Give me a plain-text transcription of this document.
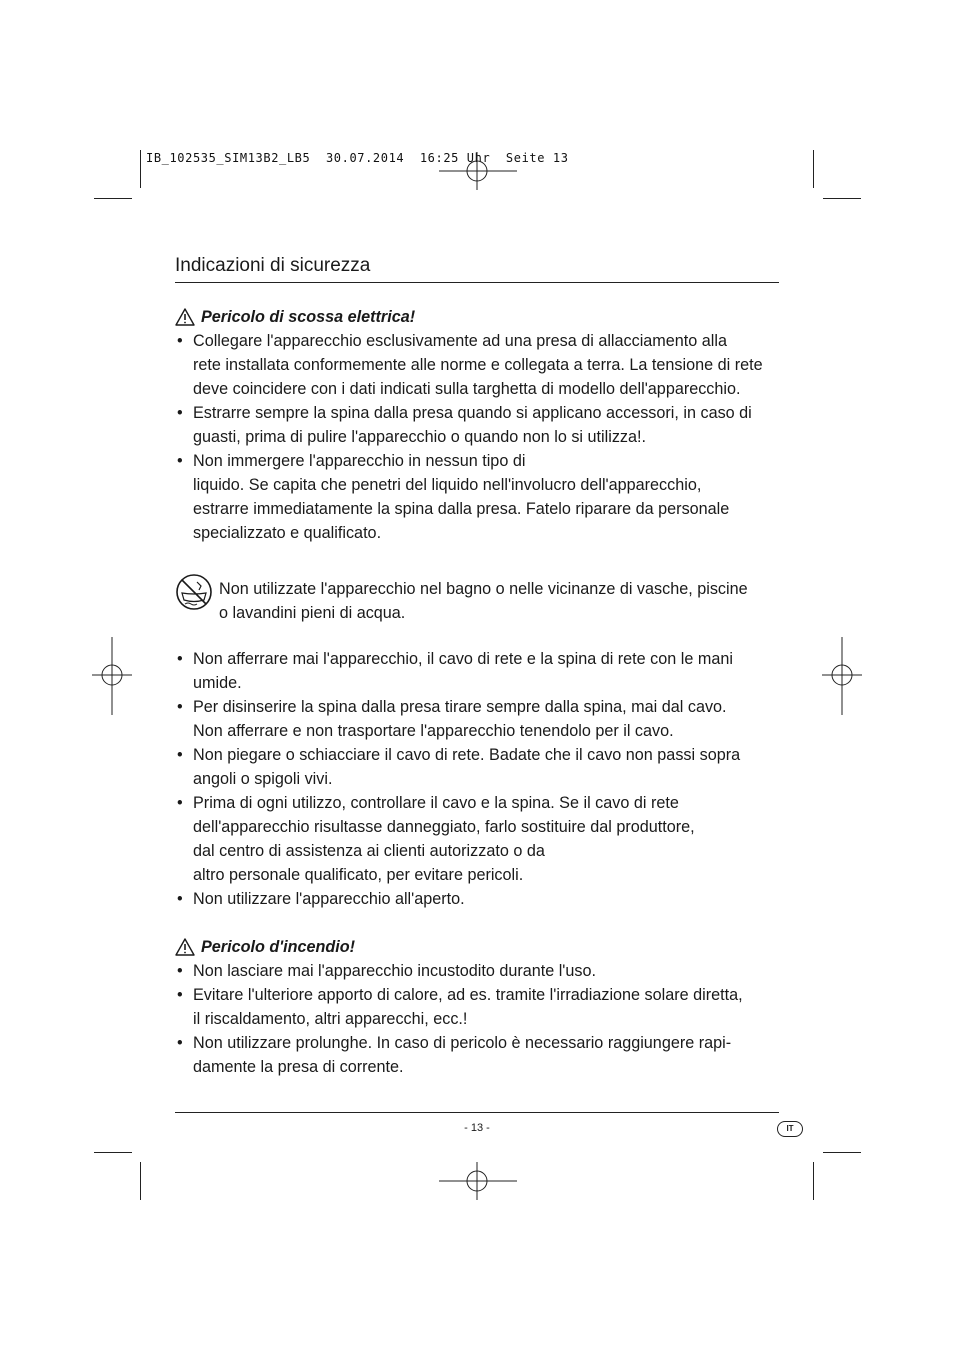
IB_102535_SIM13B2_LB5  30.07.2014  16:25 Uhr  Seite 13
Indicazioni di sicurezza
Pericolo di scossa elettrica!
• Collegare l'apparecchio esclusivamente ad una presa di allacciamento alla
rete installata conformemente alle norme e collegata a terra. La tensione di rete
deve coincidere con i dati indicati sulla targhetta di modello dell'apparecchio.
• Estrarre sempre la spina dalla presa quando si applicano accessori, in caso di
guasti, prima di pulire l'apparecchio o quando non lo si utilizza!.
• Non immergere l'apparecchio in nessun tipo di
liquido. Se capita che penetri del liquido nell'involucro dell'apparecchio,
estrarre immediatamente la spina dalla presa. Fatelo riparare da personale
specializzato e qualificato.
Non utilizzate l'apparecchio nel bagno o nelle vicinanze di vasche, piscine
o lavandini pieni di acqua.
• Non afferrare mai l'apparecchio, il cavo di rete e la spina di rete con le mani
umide.
• Per disinserire la spina dalla presa tirare sempre dalla spina, mai dal cavo.
Non afferrare e non trasportare l'apparecchio tenendolo per il cavo.
• Non piegare o schiacciare il cavo di rete. Badate che il cavo non passi sopra
angoli o spigoli vivi.
• Prima di ogni utilizzo, controllare il cavo e la spina. Se il cavo di rete
dell'apparecchio risultasse danneggiato, farlo sostituire dal produttore,
dal centro di assistenza ai clienti autorizzato o da
altro personale qualificato, per evitare pericoli.
• Non utilizzare l'apparecchio all'aperto.
Pericolo d'incendio!
• Non lasciare mai l'apparecchio incustodito durante l'uso.
• Evitare l'ulteriore apporto di calore, ad es. tramite l'irradiazione solare diretta,
il riscaldamento, altri apparecchi, ecc.!
• Non utilizzare prolunghe. In caso di pericolo è necessario raggiungere rapi-
damente la presa di corrente.
- 13 -	IT
